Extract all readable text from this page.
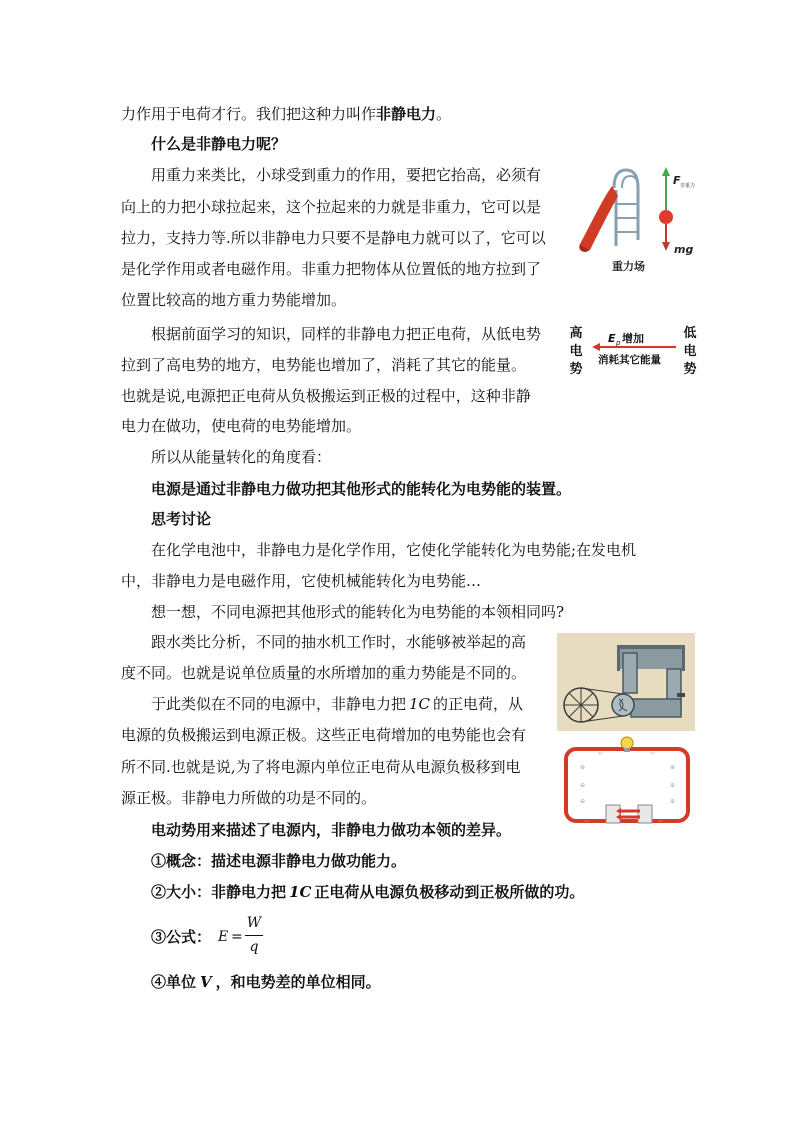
力作用于电荷才行。我们把这种力叫作非静电力。
什么是非静电力呢？
用重力来类比，小球受到重力的作用，要把它抬高，必须有
向上的力把小球拉起来，这个拉起来的力就是非重力，它可以是
拉力，支持力等.所以非静电力只要不是静电力就可以了，它可以
是化学作用或者电磁作用。非重力把物体从位置低的地方拉到了
位置比较高的地方重力势能增加。
根据前面学习的知识，同样的非静电力把正电荷，从低电势
拉到了高电势的地方，电势能也增加了，消耗了其它的能量。
也就是说,电源把正电荷从负极搬运到正极的过程中，这种非静
电力在做功，使电荷的电势能增加。
所以从能量转化的角度看：
电源是通过非静电力做功把其他形式的能转化为电势能的装置。
思考讨论
在化学电池中，非静电力是化学作用，它使化学能转化为电势能;在发电机
中，非静电力是电磁作用，它使机械能转化为电势能…
想一想，不同电源把其他形式的能转化为电势能的本领相同吗?
跟水类比分析，不同的抽水机工作时，水能够被举起的高
度不同。也就是说单位质量的水所增加的重力势能是不同的。
于此类似在不同的电源中，非静电力把 1C 的正电荷，从
电源的负极搬运到电源正极。这些正电荷增加的电势能也会有
所不同.也就是说,为了将电源内单位正电荷从电源负极移到电
源正极。非静电力所做的功是不同的。
电动势用来描述了电源内，非静电力做功本领的差异。
①概念：描述电源非静电力做功能力。
②大小：非静电力把 1C 正电荷从电源负极移动到正极所做的功。
③公式： E =
W
q
④单位 V ，和电势差的单位相同。
F 非重力
mg
重力场
高
电
势
低
电
势
E p 增加
消耗其它能量
⊕
⊕
⊕
⊕
⊕
⊕
⇦	⇦
⇨	⇨
